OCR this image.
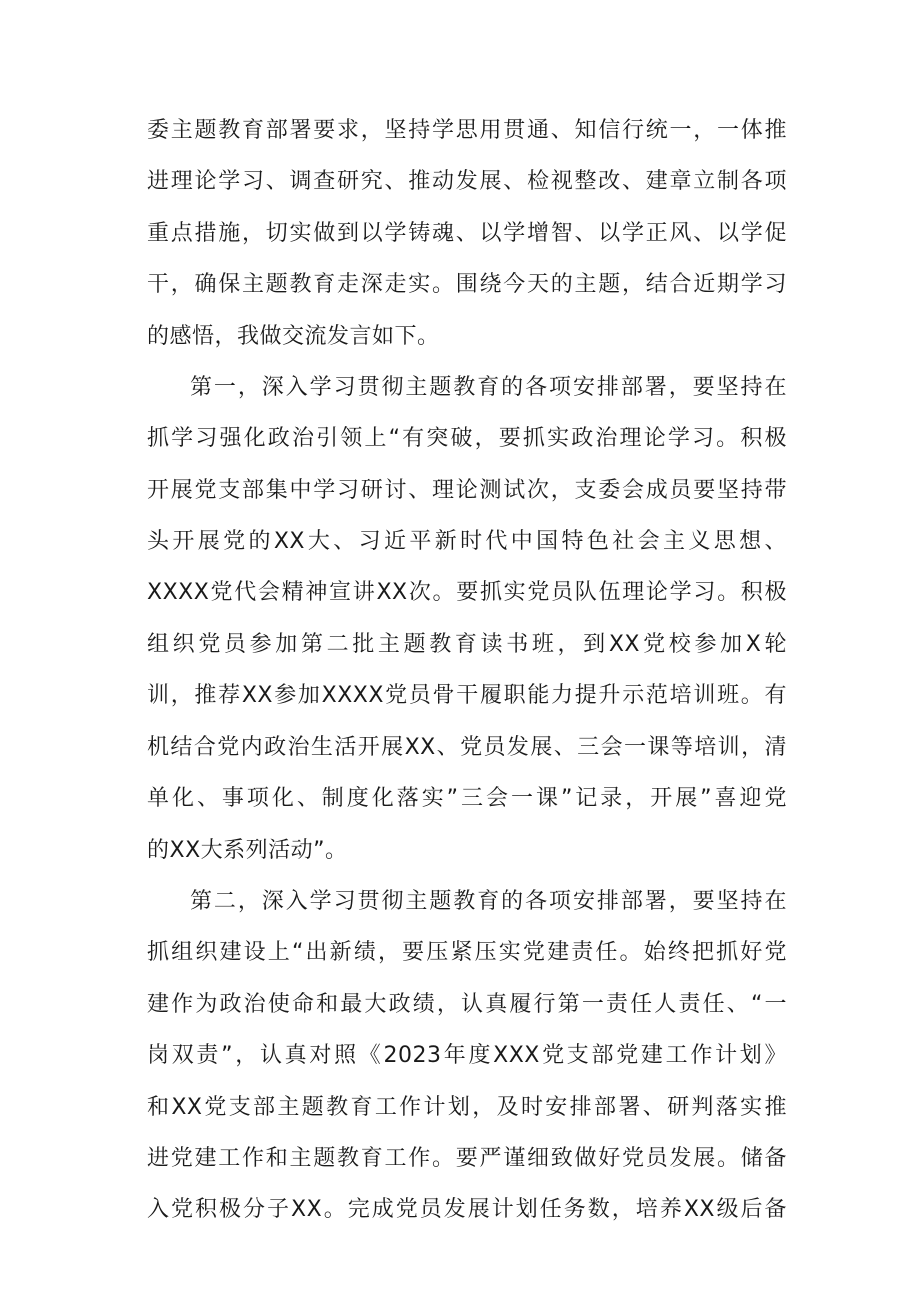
委主题教育部署要求，坚持学思用贯通、知信行统一，一体推
进理论学习、调查研究、推动发展、检视整改、建章立制各项
重点措施，切实做到以学铸魂、以学增智、以学正风、以学促
干，确保主题教育走深走实。围绕今天的主题，结合近期学习
的感悟，我做交流发言如下。
第一，深入学习贯彻主题教育的各项安排部署，要坚持在
抓学习强化政治引领上“有突破，要抓实政治理论学习。积极
开展党支部集中学习研讨、理论测试次，支委会成员要坚持带
头开展党的XX大、习近平新时代中国特色社会主义思想、
XXXX党代会精神宣讲XX次。要抓实党员队伍理论学习。积极
组织党员参加第二批主题教育读书班，到XX党校参加X轮
训，推荐XX参加XXXX党员骨干履职能力提升示范培训班。有
机结合党内政治生活开展XX、党员发展、三会一课等培训，清
单化、事项化、制度化落实”三会一课”记录，开展”喜迎党
的XX大系列活动”。
第二，深入学习贯彻主题教育的各项安排部署，要坚持在
抓组织建设上“出新绩，要压紧压实党建责任。始终把抓好党
建作为政治使命和最大政绩，认真履行第一责任人责任、“一
岗双责”，认真对照《2023年度XXX党支部党建工作计划》
和XX党支部主题教育工作计划，及时安排部署、研判落实推
进党建工作和主题教育工作。要严谨细致做好党员发展。储备
入党积极分子XX。完成党员发展计划任务数，培养XX级后备
